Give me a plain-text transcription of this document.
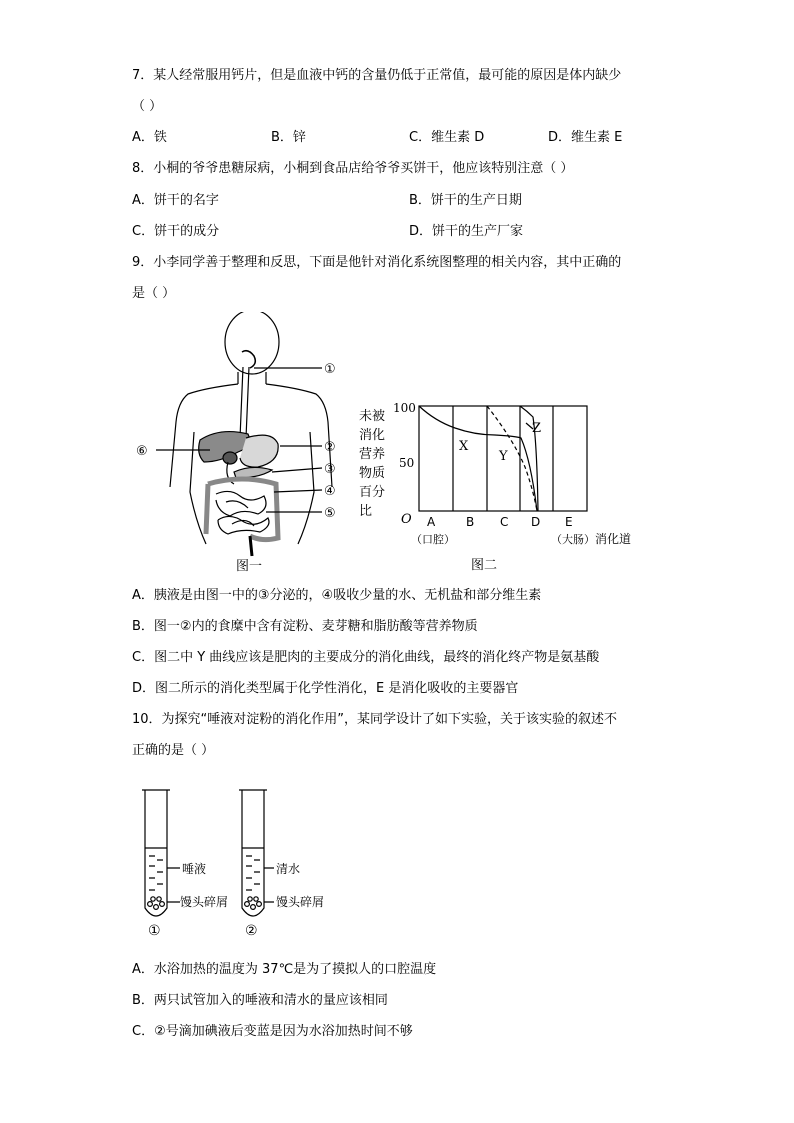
7．某人经常服用钙片，但是血液中钙的含量仍低于正常值，最可能的原因是体内缺少
（ ）
A．铁	B．锌	C．维生素 D	D．维生素 E
8．小桐的爷爷患糖尿病，小桐到食品店给爷爷买饼干，他应该特别注意（ ）
A．饼干的名字	B．饼干的生产日期
C．饼干的成分	D．饼干的生产厂家
9．小李同学善于整理和反思，下面是他针对消化系统图整理的相关内容，其中正确的
是（ ）
①
②
③
④
⑤
⑥
图一
未被
消化
营养
物质
百分
比
100
50
O
X
Y
Z
A	B C D E
（口腔）	（大肠） 消化道
图二
A．胰液是由图一中的③分泌的，④吸收少量的水、无机盐和部分维生素
B．图一②内的食糜中含有淀粉、麦芽糖和脂肪酸等营养物质
C．图二中 Y 曲线应该是肥肉的主要成分的消化曲线，最终的消化终产物是氨基酸
D．图二所示的消化类型属于化学性消化，E 是消化吸收的主要器官
10．为探究“唾液对淀粉的消化作用”，某同学设计了如下实验，关于该实验的叙述不
正确的是（ ）
唾液
馒头碎屑
①
清水
馒头碎屑
②
A．水浴加热的温度为 37℃是为了摸拟人的口腔温度
B．两只试管加入的唾液和清水的量应该相同
C．②号滴加碘液后变蓝是因为水浴加热时间不够
